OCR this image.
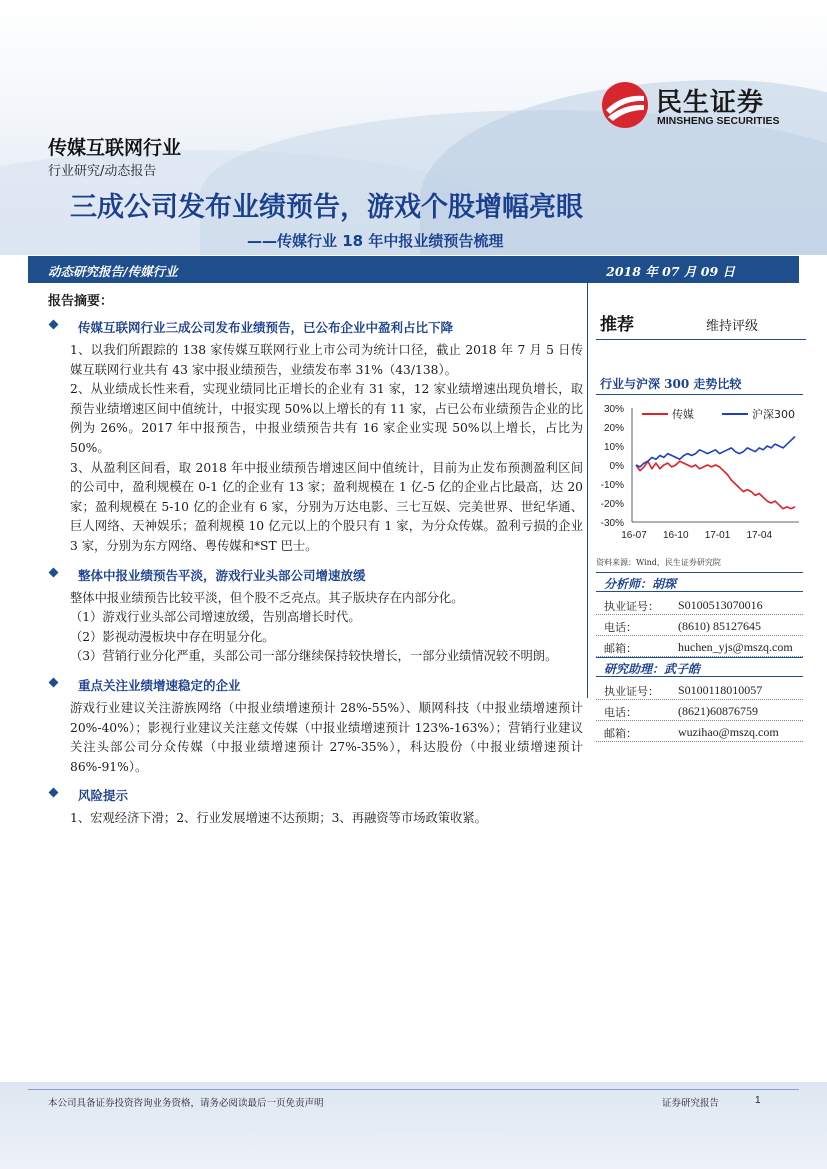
民生证券
MINSHENG SECURITIES
传媒互联网行业
行业研究/动态报告
三成公司发布业绩预告，游戏个股增幅亮眼
——传媒行业 18 年中报业绩预告梳理
动态研究报告/传媒行业	2018 年 07 月 09 日
报告摘要：
传媒互联网行业三成公司发布业绩预告，已公布企业中盈利占比下降

1、以我们所跟踪的 138 家传媒互联网行业上市公司为统计口径，截止 2018 年 7 月 5 日传媒互联网行业共有 43 家中报业绩预告，业绩发布率 31%（43/138）。

2、从业绩成长性来看，实现业绩同比正增长的企业有 31 家，12 家业绩增速出现负增长，取预告业绩增速区间中值统计，中报实现 50%以上增长的有 11 家，占已公布业绩预告企业的比例为 26%。2017 年中报预告，中报业绩预告共有 16 家企业实现 50%以上增长，占比为 50%。

3、从盈利区间看，取 2018 年中报业绩预告增速区间中值统计，目前为止发布预测盈利区间的公司中，盈利规模在 0-1 亿的企业有 13 家；盈利规模在 1 亿-5 亿的企业占比最高，达 20 家；盈利规模在 5-10 亿的企业有 6 家，分别为万达电影、三七互娱、完美世界、世纪华通、巨人网络、天神娱乐；盈利规模 10 亿元以上的个股只有 1 家，为分众传媒。盈利亏损的企业 3 家，分别为东方网络、粤传媒和*ST 巴士。

整体中报业绩预告平淡，游戏行业头部公司增速放缓

整体中报业绩预告比较平淡，但个股不乏亮点。其子版块存在内部分化。

（1）游戏行业头部公司增速放缓，告别高增长时代。

（2）影视动漫板块中存在明显分化。

（3）营销行业分化严重，头部公司一部分继续保持较快增长，一部分业绩情况较不明朗。

重点关注业绩增速稳定的企业

游戏行业建议关注游族网络（中报业绩增速预计 28%-55%）、顺网科技（中报业绩增速预计 20%-40%）；影视行业建议关注慈文传媒（中报业绩增速预计 123%-163%）；营销行业建议关注头部公司分众传媒（中报业绩增速预计 27%-35%），科达股份（中报业绩增速预计 86%-91%）。

风险提示

1、宏观经济下滑；2、行业发展增速不达预期；3、再融资等市场政策收紧。

推荐	维持评级
行业与沪深 300 走势比较
30%
20%
10%
0%
-10%
-20%
-30%
16-07 16-10 17-01 17-04
传媒	沪深300
资料来源：Wind，民生证券研究院
分析师：胡琛
执业证号： S0100513070016
电话：	(8610) 85127645
邮箱：	huchen_yjs@mszq.com
研究助理：武子皓
执业证号： S0100118010057
电话：	(8621)60876759
邮箱：	wuzihao@mszq.com
本公司具备证券投资咨询业务资格，请务必阅读最后一页免责声明	证券研究报告	1
